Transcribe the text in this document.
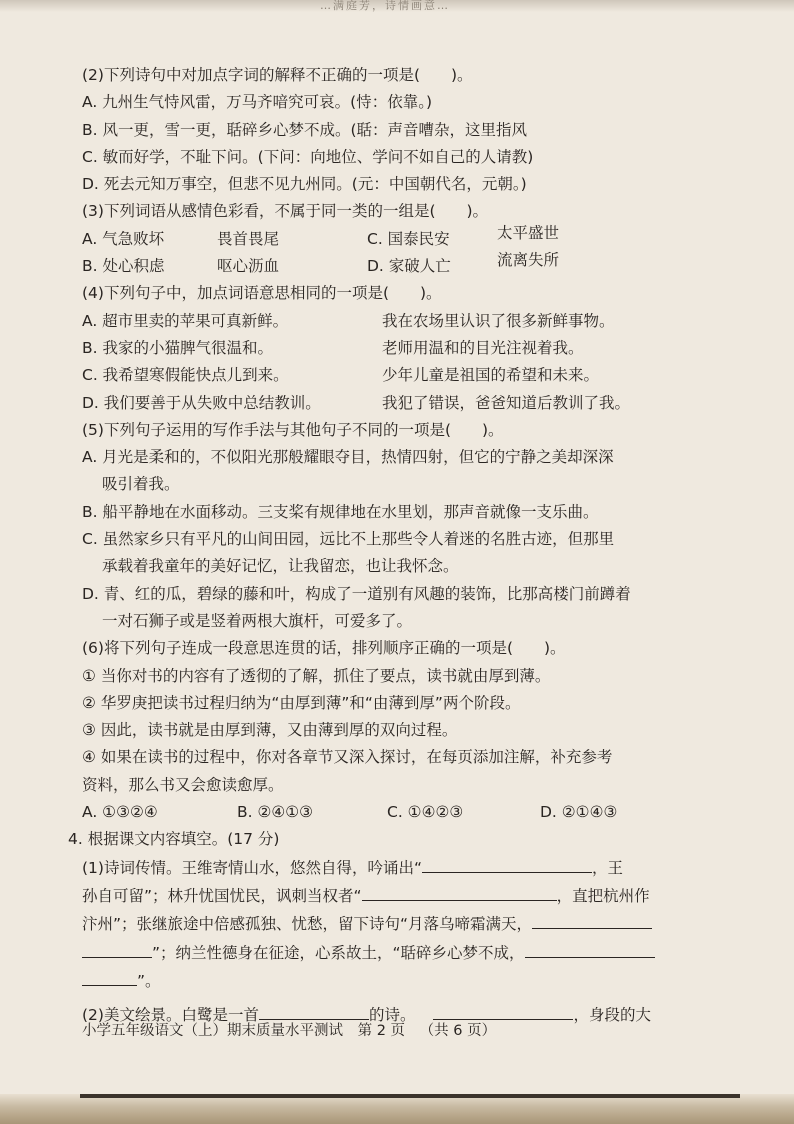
…满庭芳，诗情画意…
(2)下列诗句中对加点字词的解释不正确的一项是(　　)。
A. 九州生气恃风雷，万马齐喑究可哀。(恃：依靠。)
B. 风一更，雪一更，聒碎乡心梦不成。(聒：声音嘈杂，这里指风
C. 敏而好学，不耻下问。(下问：向地位、学问不如自己的人请教)
D. 死去元知万事空，但悲不见九州同。(元：中国朝代名，元朝。)
(3)下列词语从感情色彩看，不属于同一类的一组是(　　)。
A. 气急败坏	畏首畏尾	C. 国泰民安	太平盛世
B. 处心积虑	呕心沥血	D. 家破人亡	流离失所
(4)下列句子中，加点词语意思相同的一项是(　　)。
A. 超市里卖的苹果可真新鲜。	我在农场里认识了很多新鲜事物。
B. 我家的小猫脾气很温和。	老师用温和的目光注视着我。
C. 我希望寒假能快点儿到来。	少年儿童是祖国的希望和未来。
D. 我们要善于从失败中总结教训。	我犯了错误，爸爸知道后教训了我。
(5)下列句子运用的写作手法与其他句子不同的一项是(　　)。
A. 月光是柔和的，不似阳光那般耀眼夺目，热情四射，但它的宁静之美却深深
吸引着我。
B. 船平静地在水面移动。三支桨有规律地在水里划，那声音就像一支乐曲。
C. 虽然家乡只有平凡的山间田园，远比不上那些令人着迷的名胜古迹，但那里
承载着我童年的美好记忆，让我留恋，也让我怀念。
D. 青、红的瓜，碧绿的藤和叶，构成了一道别有风趣的装饰，比那高楼门前蹲着
一对石狮子或是竖着两根大旗杆，可爱多了。
(6)将下列句子连成一段意思连贯的话，排列顺序正确的一项是(　　)。
① 当你对书的内容有了透彻的了解，抓住了要点，读书就由厚到薄。
② 华罗庚把读书过程归纳为“由厚到薄”和“由薄到厚”两个阶段。
③ 因此，读书就是由厚到薄，又由薄到厚的双向过程。
④ 如果在读书的过程中，你对各章节又深入探讨，在每页添加注解，补充参考
资料，那么书又会愈读愈厚。
A. ①③②④	B. ②④①③	C. ①④②③	D. ②①④③
4. 根据课文内容填空。(17 分)
(1)诗词传情。王维寄情山水，悠然自得，吟诵出“	，王
孙自可留”；林升忧国忧民，讽刺当权者“	，直把杭州作
汴州”；张继旅途中倍感孤独、忧愁，留下诗句“月落乌啼霜满天，
”；纳兰性德身在征途，心系故土，“聒碎乡心梦不成，
”。
(2)美文绘景。白鹭是一首	的诗。	，身段的大
小学五年级语文（上）期末质量水平测试 第 2 页 （共 6 页）
